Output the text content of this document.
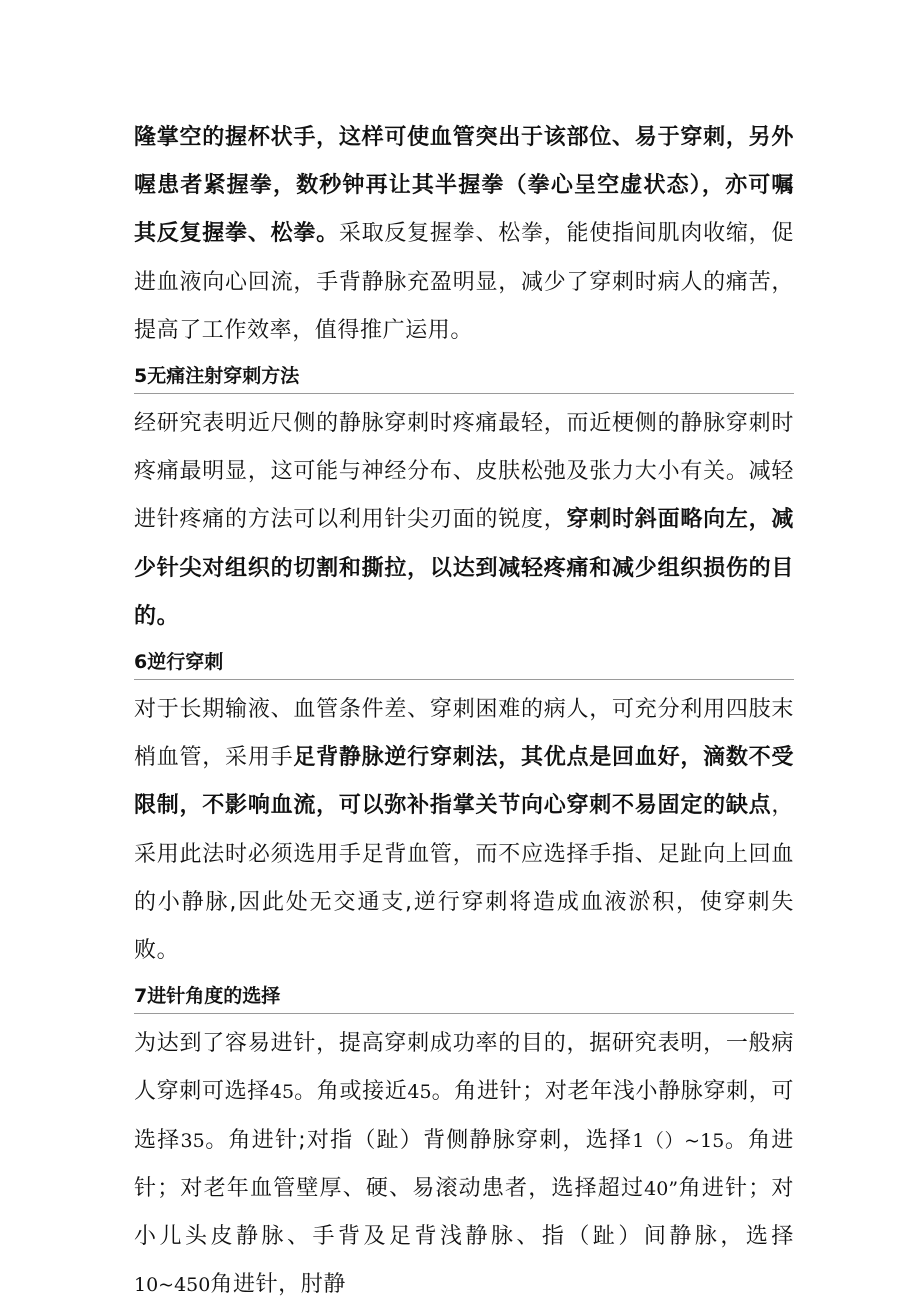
隆掌空的握杯状手，这样可使血管突出于该部位、易于穿刺，另外喔患者紧握拳，数秒钟再让其半握拳（拳心呈空虚状态），亦可嘱其反复握拳、松拳。采取反复握拳、松拳，能使指间肌肉收缩，促进血液向心回流，手背静脉充盈明显，减少了穿刺时病人的痛苦，提高了工作效率，值得推广运用。

5无痛注射穿刺方法

经研究表明近尺侧的静脉穿刺时疼痛最轻，而近梗侧的静脉穿刺时疼痛最明显，这可能与神经分布、皮肤松弛及张力大小有关。减轻进针疼痛的方法可以利用针尖刃面的锐度，穿刺时斜面略向左，减少针尖对组织的切割和撕拉，以达到减轻疼痛和减少组织损伤的目的。

6逆行穿刺

对于长期输液、血管条件差、穿刺困难的病人，可充分利用四肢末梢血管，采用手足背静脉逆行穿刺法，其优点是回血好，滴数不受限制，不影响血流，可以弥补指掌关节向心穿刺不易固定的缺点，采用此法时必须选用手足背血管，而不应选择手指、足趾向上回血的小静脉,因此处无交通支,逆行穿刺将造成血液淤积，使穿刺失败。

7进针角度的选择

为达到了容易进针，提高穿刺成功率的目的，据研究表明，一般病人穿刺可选择45。角或接近45。角进针；对老年浅小静脉穿刺，可选择35。角进针;对指（趾）背侧静脉穿刺，选择1（）~15。角进针；对老年血管壁厚、硬、易滚动患者，选择超过40”角进针；对小儿头皮静脉、手背及足背浅静脉、指（趾）间静脉，选择10~450角进针，肘静
